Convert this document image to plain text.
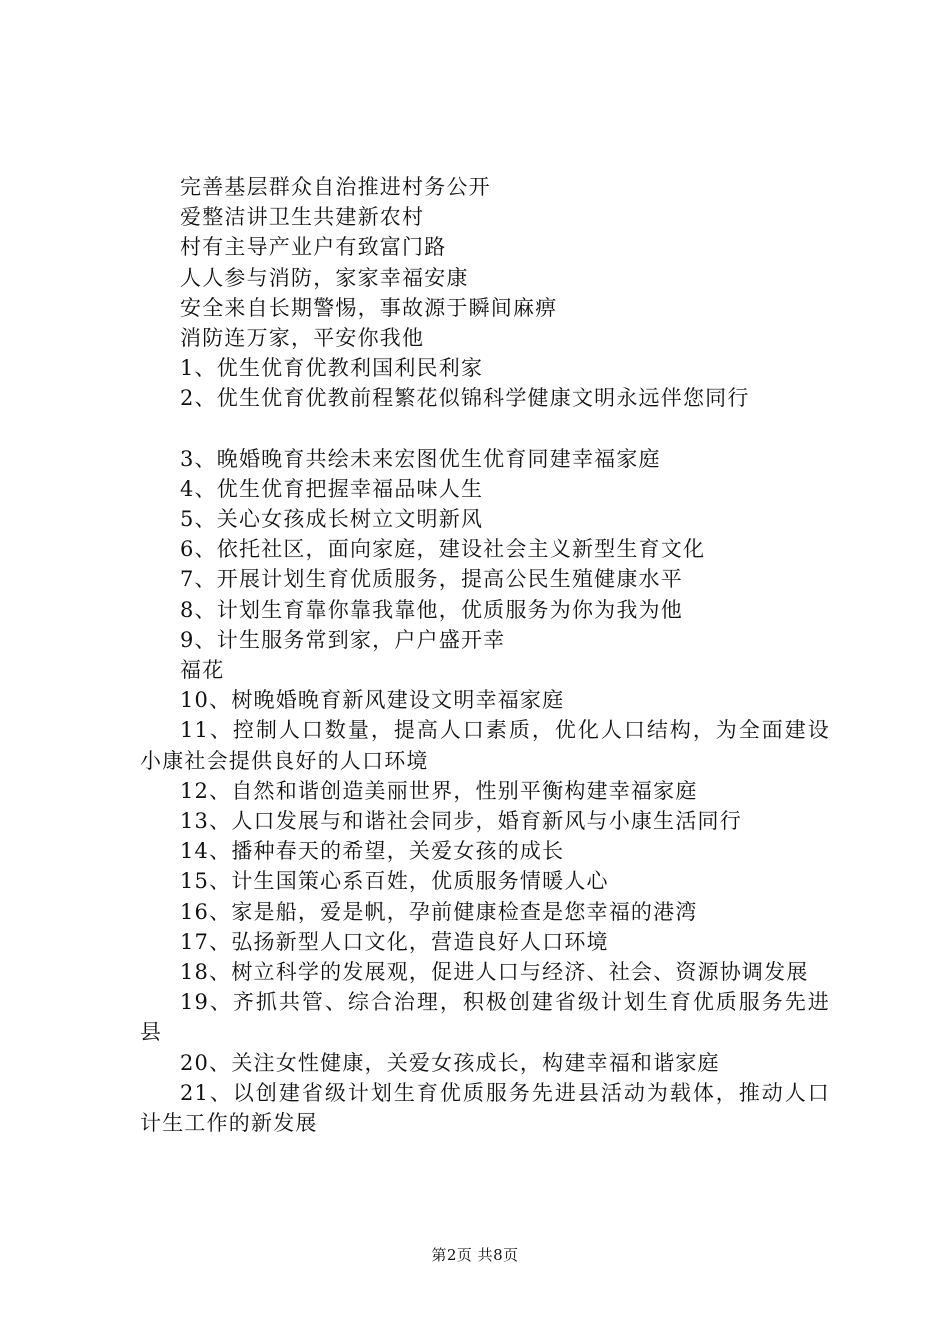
完善基层群众自治推进村务公开
爱整洁讲卫生共建新农村
村有主导产业户有致富门路
人人参与消防，家家幸福安康
安全来自长期警惕，事故源于瞬间麻痹
消防连万家，平安你我他
1、优生优育优教利国利民利家
2、优生优育优教前程繁花似锦科学健康文明永远伴您同行
3、晚婚晚育共绘未来宏图优生优育同建幸福家庭
4、优生优育把握幸福品味人生
5、关心女孩成长树立文明新风
6、依托社区，面向家庭，建设社会主义新型生育文化
7、开展计划生育优质服务，提高公民生殖健康水平
8、计划生育靠你靠我靠他，优质服务为你为我为他
9、计生服务常到家，户户盛开幸
福花
10、树晚婚晚育新风建设文明幸福家庭
11、控制人口数量，提高人口素质，优化人口结构，为全面建设小康社会提供良好的人口环境
12、自然和谐创造美丽世界，性别平衡构建幸福家庭
13、人口发展与和谐社会同步，婚育新风与小康生活同行
14、播种春天的希望，关爱女孩的成长
15、计生国策心系百姓，优质服务情暖人心
16、家是船，爱是帆，孕前健康检查是您幸福的港湾
17、弘扬新型人口文化，营造良好人口环境
18、树立科学的发展观，促进人口与经济、社会、资源协调发展
19、齐抓共管、综合治理，积极创建省级计划生育优质服务先进县
20、关注女性健康，关爱女孩成长，构建幸福和谐家庭
21、以创建省级计划生育优质服务先进县活动为载体，推动人口计生工作的新发展
第2页 共8页
